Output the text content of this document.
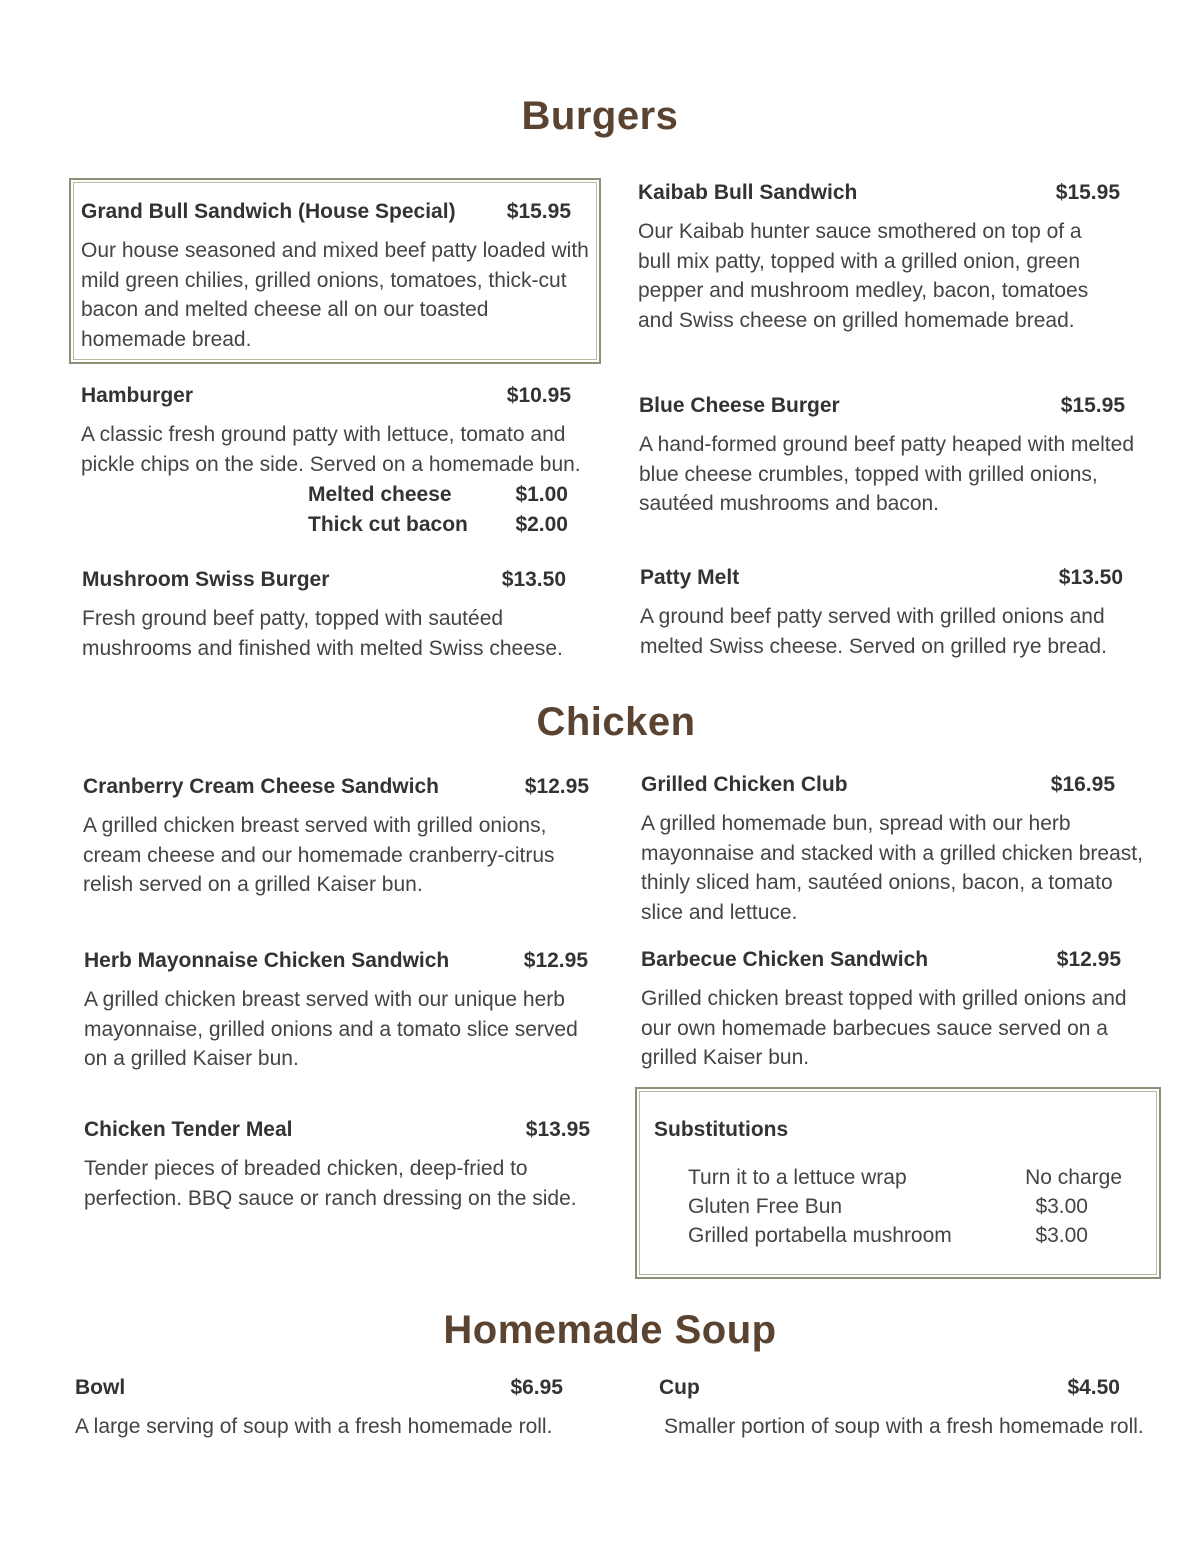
Burgers
Grand Bull Sandwich (House Special) $15.95
Our house seasoned and mixed beef patty loaded with mild green chilies, grilled onions, tomatoes, thick-cut bacon and melted cheese all on our toasted homemade bread.
Kaibab Bull Sandwich	$15.95
Our Kaibab hunter sauce smothered on top of a bull mix patty, topped with a grilled onion, green pepper and mushroom medley, bacon, tomatoes and Swiss cheese on grilled homemade bread.
Hamburger	$10.95
A classic fresh ground patty with lettuce, tomato and pickle chips on the side. Served on a homemade bun.
Melted cheese	$1.00
Thick cut bacon $2.00
Blue Cheese Burger	$15.95
A hand-formed ground beef patty heaped with melted blue cheese crumbles, topped with grilled onions, sautéed mushrooms and bacon.
Mushroom Swiss Burger	$13.50
Fresh ground beef patty, topped with sautéed mushrooms and finished with melted Swiss cheese.
Patty Melt	$13.50
A ground beef patty served with grilled onions and melted Swiss cheese. Served on grilled rye bread.
Chicken
Cranberry Cream Cheese Sandwich	$12.95
A grilled chicken breast served with grilled onions, cream cheese and our homemade cranberry-citrus relish served on a grilled Kaiser bun.
Grilled Chicken Club	$16.95
A grilled homemade bun, spread with our herb mayonnaise and stacked with a grilled chicken breast, thinly sliced ham, sautéed onions, bacon, a tomato slice and lettuce.
Herb Mayonnaise Chicken Sandwich	$12.95
A grilled chicken breast served with our unique herb mayonnaise, grilled onions and a tomato slice served on a grilled Kaiser bun.
Barbecue Chicken Sandwich	$12.95
Grilled chicken breast topped with grilled onions and our own homemade barbecues sauce served on a grilled Kaiser bun.
Chicken Tender Meal	$13.95
Tender pieces of breaded chicken, deep-fried to perfection. BBQ sauce or ranch dressing on the side.
Substitutions
Turn it to a lettuce wrap	No charge
Gluten Free Bun	$3.00
Grilled portabella mushroom	$3.00
Homemade Soup
Bowl	$6.95
A large serving of soup with a fresh homemade roll.
Cup	$4.50
Smaller portion of soup with a fresh homemade roll.
